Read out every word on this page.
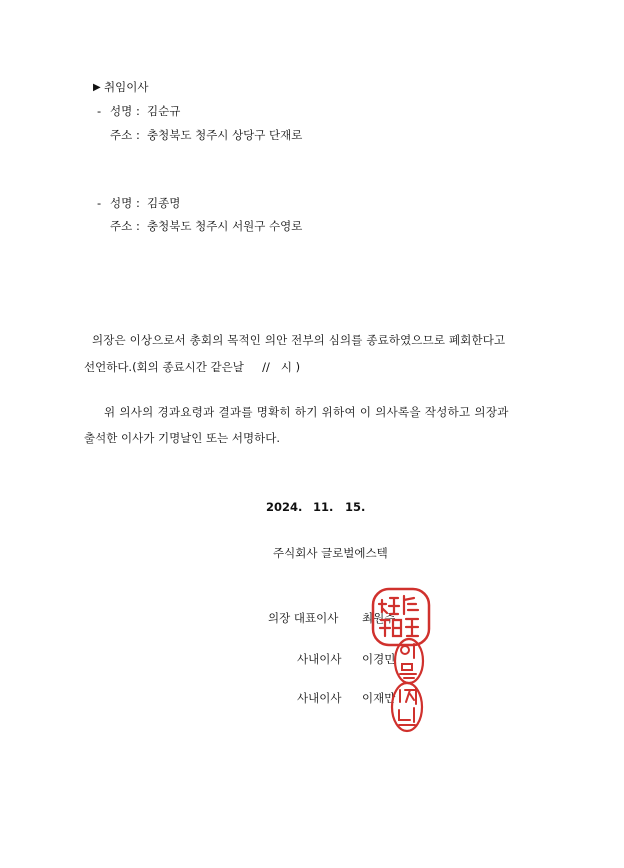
▶ 취임이사
- 성명 : 김순규
주소 : 충청북도 청주시 상당구 단재로
- 성명 : 김종명
주소 : 충청북도 청주시 서원구 수영로
의장은 이상으로서 총회의 목적인 의안 전부의 심의를 종료하였으므로 폐회한다고
선언하다.(회의 종료시간 같은날     //   시 )
위 의사의 경과요령과 결과를 명확히 하기 위하여 이 의사록을 작성하고 의장과
출석한 이사가 기명날인 또는 서명하다.
2024. 11. 15.
주식회사 글로벌에스텍
의장 대표이사 최원주
사내이사 이경민
사내이사 이재만
